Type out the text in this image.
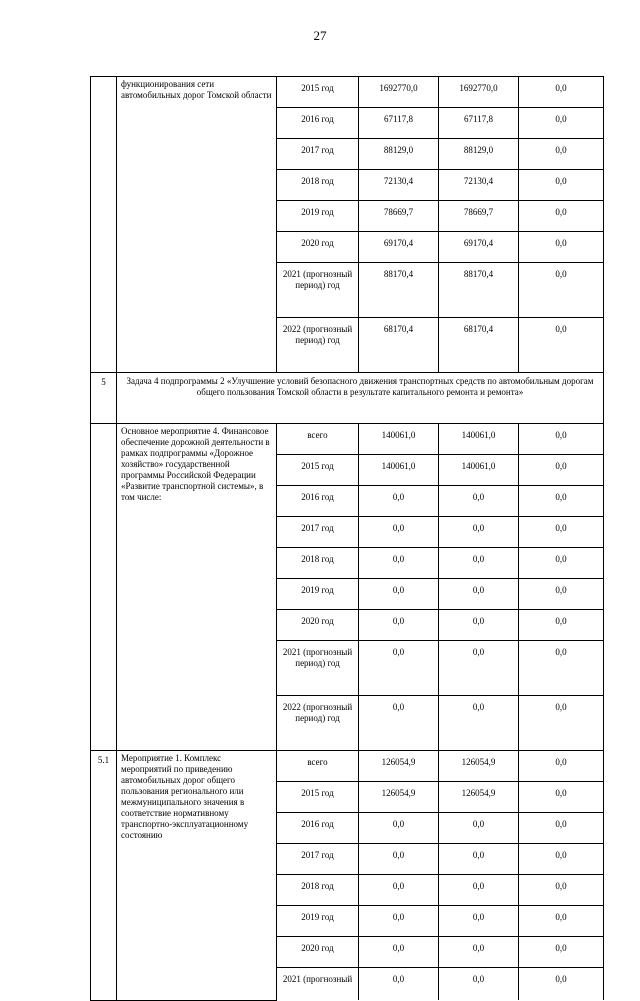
27
	функционирования сети автомобильных дорог Томской области	2015 год	1692770,0	1692770,0	0,0
		2016 год	67117,8	67117,8	0,0
		2017 год	88129,0	88129,0	0,0
		2018 год	72130,4	72130,4	0,0
		2019 год	78669,7	78669,7	0,0
		2020 год	69170,4	69170,4	0,0
		2021 (прогнозный период) год	88170,4	88170,4	0,0
		2022 (прогнозный период) год	68170,4	68170,4	0,0
5	Задача 4 подпрограммы 2 «Улучшение условий безопасного движения транспортных средств по автомобильным дорогам общего пользования Томской области в результате капитального ремонта и ремонта»				
	Основное мероприятие 4. Финансовое обеспечение дорожной деятельности в рамках подпрограммы «Дорожное хозяйство» государственной программы Российской Федерации «Развитие транспортной системы», в том числе:	всего	140061,0	140061,0	0,0
		2015 год	140061,0	140061,0	0,0
		2016 год	0,0	0,0	0,0
		2017 год	0,0	0,0	0,0
		2018 год	0,0	0,0	0,0
		2019 год	0,0	0,0	0,0
		2020 год	0,0	0,0	0,0
		2021 (прогнозный период) год	0,0	0,0	0,0
		2022 (прогнозный период) год	0,0	0,0	0,0
5.1	Мероприятие 1. Комплекс мероприятий по приведению автомобильных дорог общего пользования регионального или межмуниципального значения в соответствие нормативному транспортно-эксплуатационному состоянию	всего	126054,9	126054,9	0,0
		2015 год	126054,9	126054,9	0,0
		2016 год	0,0	0,0	0,0
		2017 год	0,0	0,0	0,0
		2018 год	0,0	0,0	0,0
		2019 год	0,0	0,0	0,0
		2020 год	0,0	0,0	0,0
		2021 (прогнозный	0,0	0,0	0,0
